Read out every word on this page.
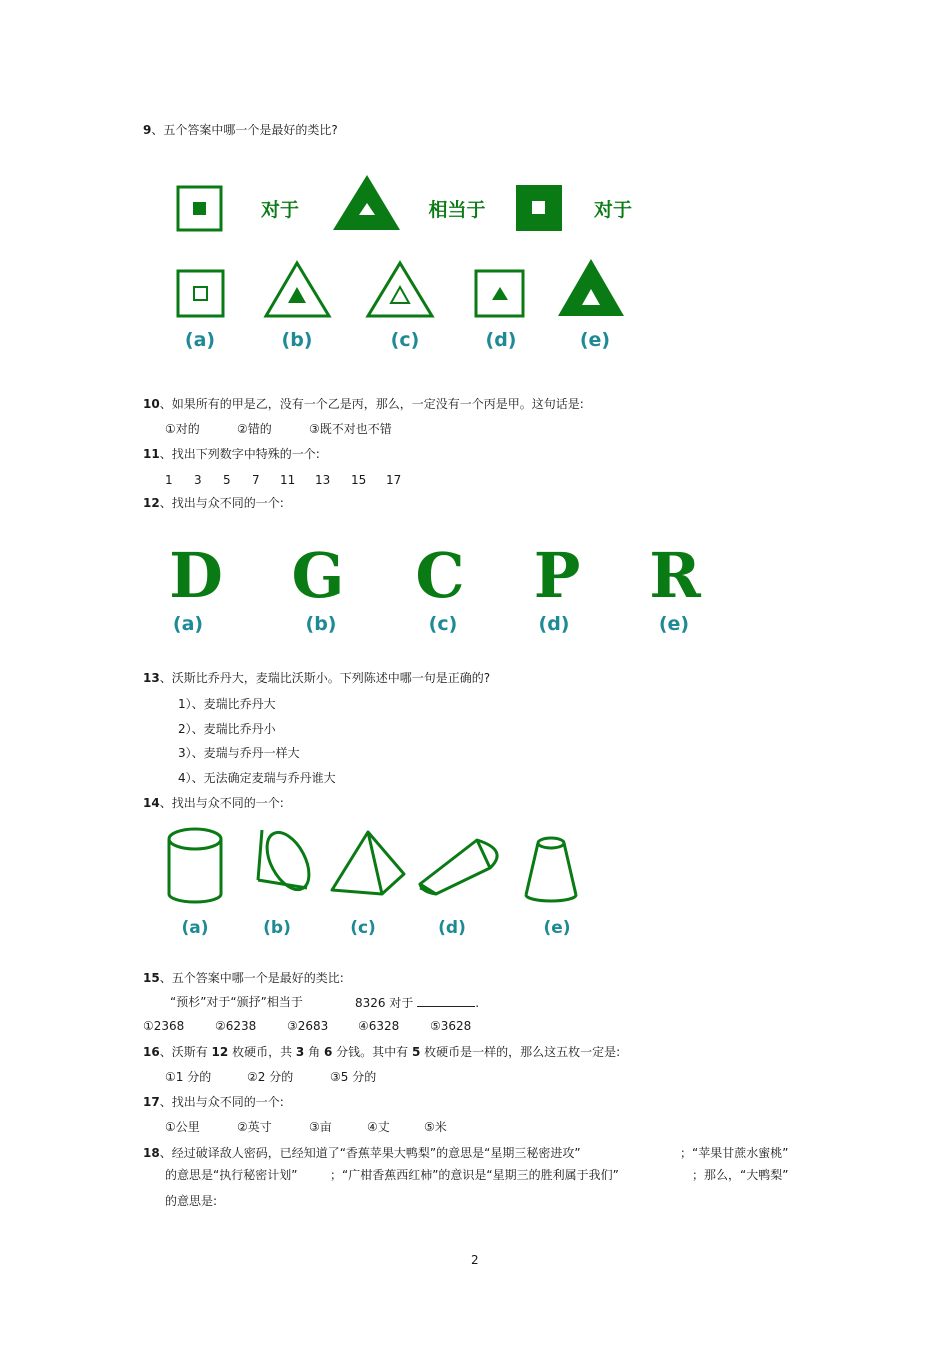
9、五个答案中哪一个是最好的类比?
对于	相当于	对于
(a)	(b)	(c)	(d)	(e)
10、如果所有的甲是乙，没有一个乙是丙，那么，一定没有一个丙是甲。这句话是:
①对的	②错的	③既不对也不错
11、找出下列数字中特殊的一个:
1 3 5 7 11 13 15 17
12、找出与众不同的一个:
D G C P R
(a)	(b)	(c)	(d)	(e)
13、沃斯比乔丹大，麦瑞比沃斯小。下列陈述中哪一句是正确的?
1）、麦瑞比乔丹大
2）、麦瑞比乔丹小
3）、麦瑞与乔丹一样大
4）、无法确定麦瑞与乔丹谁大
14、找出与众不同的一个:
(a)	(b)	(c)	(d)	(e)
15、五个答案中哪一个是最好的类比:
“预杉”对于“颁抒”相当于	8326 对于	.
①2368	②6238	③2683 ④6328	⑤3628
16、沃斯有 12 枚硬币，共 3 角 6 分钱。其中有 5 枚硬币是一样的，那么这五枚一定是:
①1 分的	②2 分的	③5 分的
17、找出与众不同的一个:
①公里	②英寸	③亩	④丈	⑤米
18、经过破译敌人密码，已经知道了“香蕉苹果大鸭梨”的意思是“星期三秘密进攻”	；“苹果甘蔗水蜜桃”
的意思是“执行秘密计划”	；“广柑香蕉西红柿”的意识是“星期三的胜利属于我们”	；那么，“大鸭梨”
的意思是:
2
